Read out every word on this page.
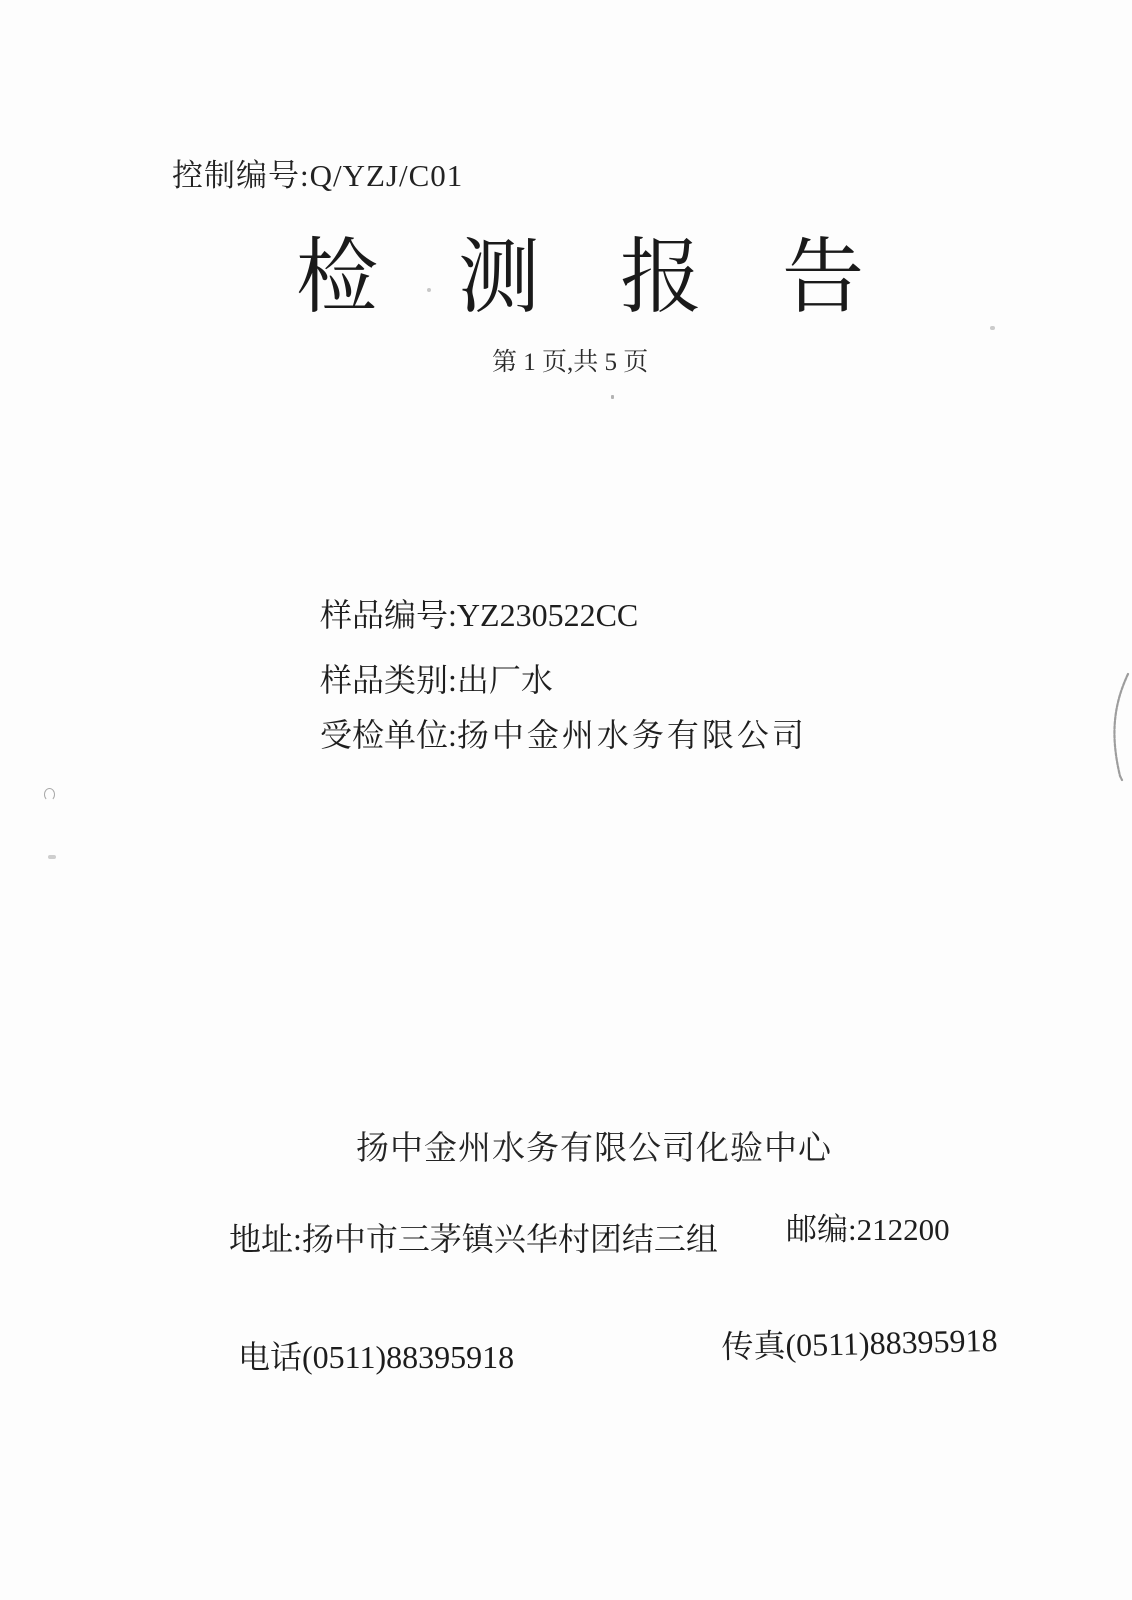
控制编号:Q/YZJ/C01
检测报告
第 1 页,共 5 页
样品编号:YZ230522CC
样品类别:出厂水
受检单位:扬中金州水务有限公司
扬中金州水务有限公司化验中心
地址:扬中市三茅镇兴华村团结三组 邮编:212200
电话(0511)88395918	传真(0511)88395918
